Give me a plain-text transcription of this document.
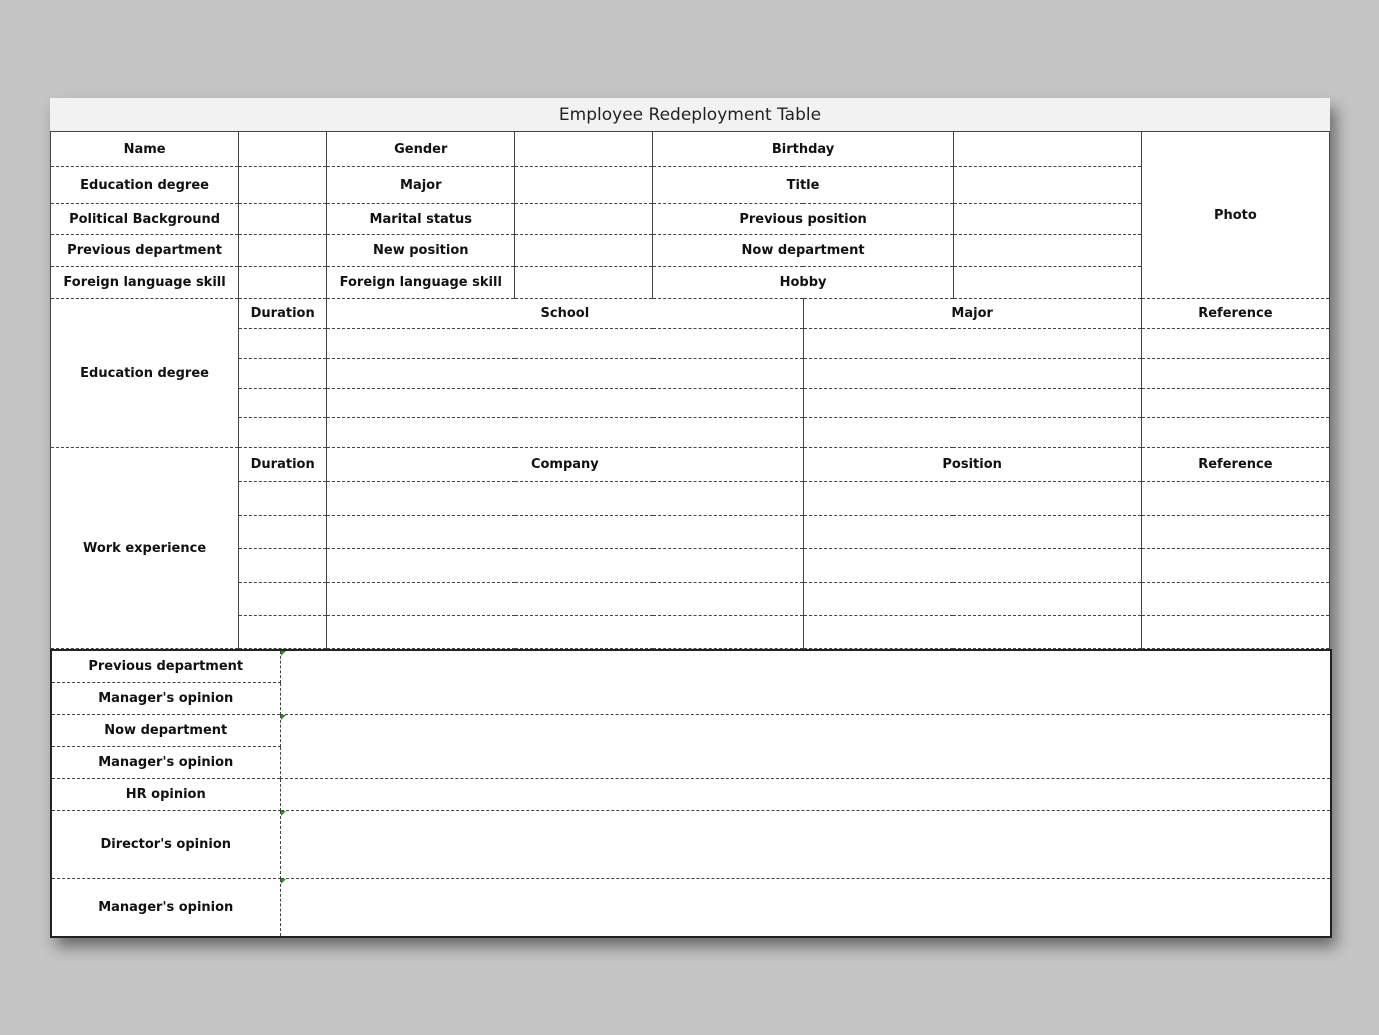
Employee Redeployment Table
Name		Gender		Birthday			Photo
Education degree		Major		Title			
Political Background		Marital status		Previous position			
Previous department		New position		Now department			
Foreign language skill		Foreign language skill		Hobby			
Education degree	Duration	School			Major		Reference

Work experience	Duration	Company			Position		Reference

Previous department	

Manager's opinion	
Now department	

Manager's opinion	
HR opinion	
Director's opinion	

Manager's opinion	
